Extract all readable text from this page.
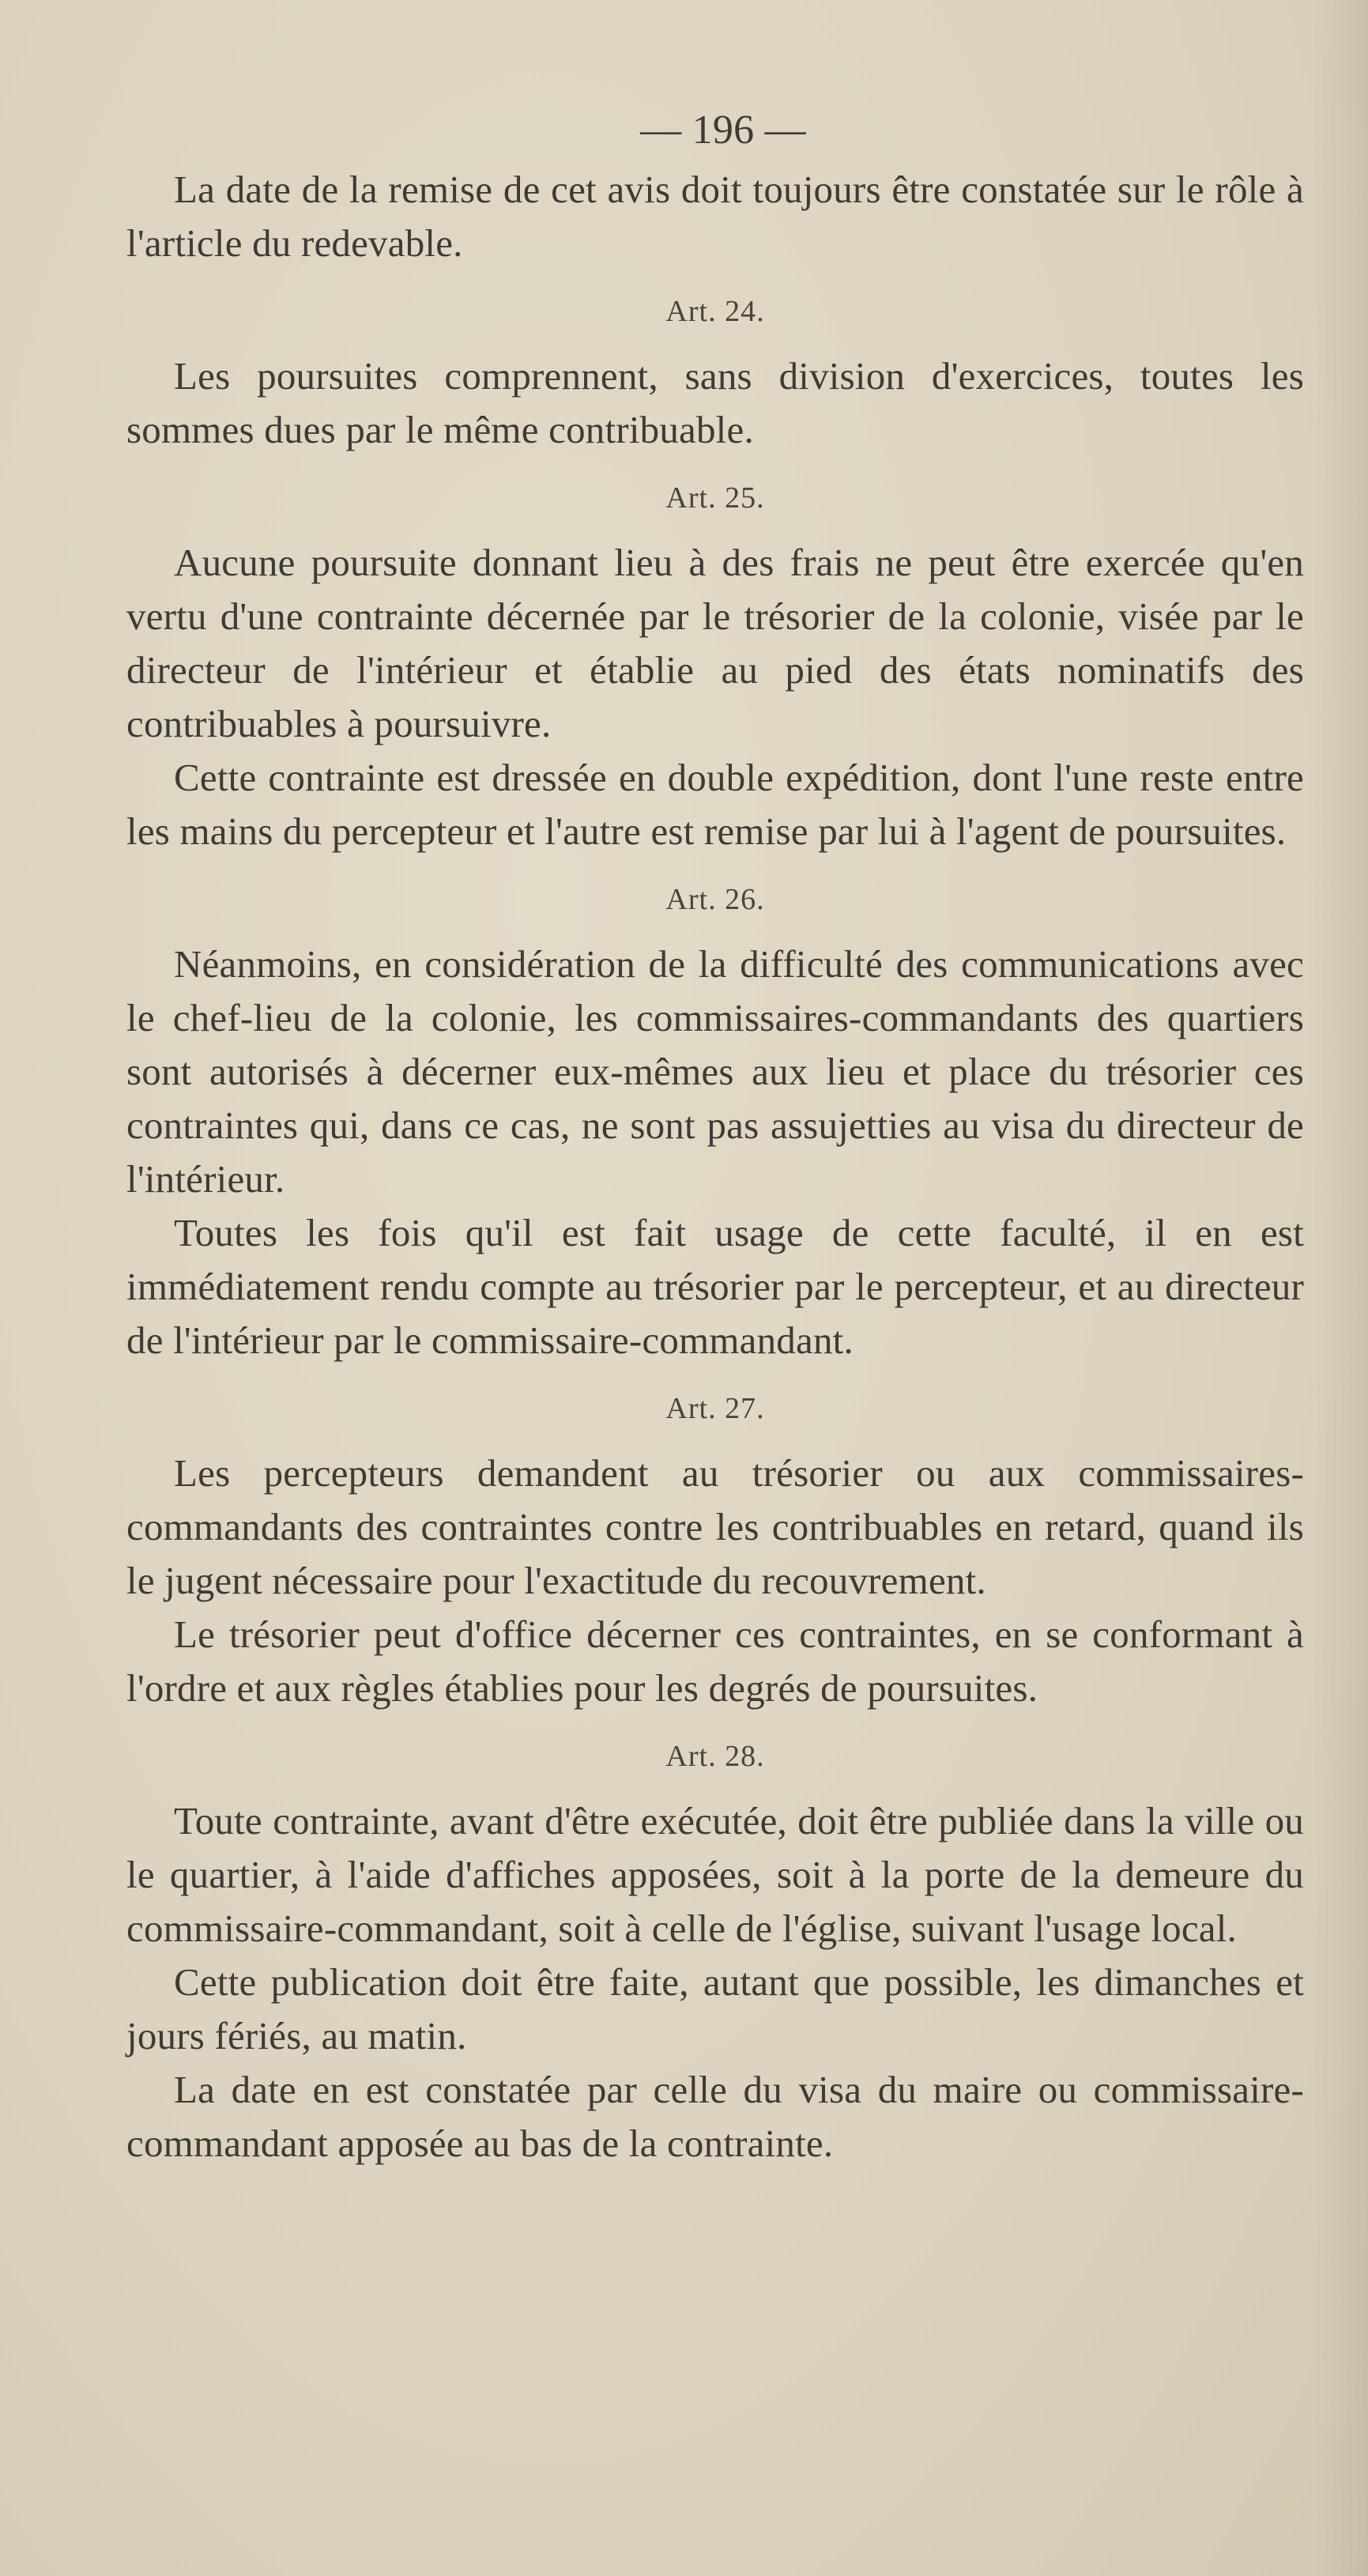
— 196 —

La date de la remise de cet avis doit toujours être constatée sur le rôle à l'article du redevable.

Art. 24.

Les poursuites comprennent, sans division d'exercices, toutes les sommes dues par le même contribuable.

Art. 25.

Aucune poursuite donnant lieu à des frais ne peut être exercée qu'en vertu d'une contrainte décernée par le trésorier de la colonie, visée par le directeur de l'intérieur et établie au pied des états nominatifs des contribuables à poursuivre.

Cette contrainte est dressée en double expédition, dont l'une reste entre les mains du percepteur et l'autre est remise par lui à l'agent de poursuites.

Art. 26.

Néanmoins, en considération de la difficulté des communications avec le chef-lieu de la colonie, les commissaires-commandants des quartiers sont autorisés à décerner eux-mêmes aux lieu et place du trésorier ces contraintes qui, dans ce cas, ne sont pas assujetties au visa du directeur de l'intérieur.

Toutes les fois qu'il est fait usage de cette faculté, il en est immédiatement rendu compte au trésorier par le percepteur, et au directeur de l'intérieur par le commissaire-commandant.

Art. 27.

Les percepteurs demandent au trésorier ou aux commissaires-commandants des contraintes contre les contribuables en retard, quand ils le jugent nécessaire pour l'exactitude du recouvrement.

Le trésorier peut d'office décerner ces contraintes, en se conformant à l'ordre et aux règles établies pour les degrés de poursuites.

Art. 28.

Toute contrainte, avant d'être exécutée, doit être publiée dans la ville ou le quartier, à l'aide d'affiches apposées, soit à la porte de la demeure du commissaire-commandant, soit à celle de l'église, suivant l'usage local.

Cette publication doit être faite, autant que possible, les dimanches et jours fériés, au matin.

La date en est constatée par celle du visa du maire ou commissaire-commandant apposée au bas de la contrainte.
